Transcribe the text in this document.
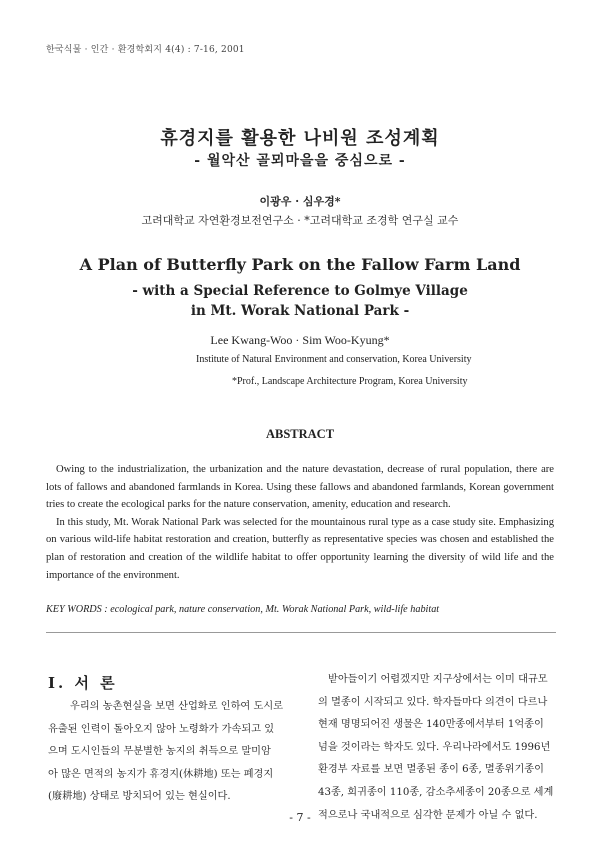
한국식물 · 인간 · 환경학회지 4(4) : 7-16, 2001
휴경지를 활용한 나비원 조성계획
- 월악산 골뫼마을을 중심으로 -
이광우 · 심우경*
고려대학교 자연환경보전연구소 · *고려대학교 조경학 연구실 교수
A Plan of Butterfly Park on the Fallow Farm Land
- with a Special Reference to Golmye Village
in Mt. Worak National Park -
Lee Kwang-Woo · Sim Woo-Kyung*
Institute of Natural Environment and conservation, Korea University
*Prof., Landscape Architecture Program, Korea University
ABSTRACT

Owing to the industrialization, the urbanization and the nature devastation, decrease of rural population, there are lots of fallows and abandoned farmlands in Korea. Using these fallows and abandoned farmlands, Korean government tries to create the ecological parks for the nature conservation, amenity, education and research.

In this study, Mt. Worak National Park was selected for the mountainous rural type as a case study site. Emphasizing on various wild-life habitat restoration and creation, butterfly as representative species was chosen and established the plan of restoration and creation of the wildlife habitat to offer opportunity learning the diversity of wild life and the importance of the environment.

KEY WORDS : ecological park, nature conservation, Mt. Worak National Park, wild-life habitat
Ⅰ. 서 론
우리의 농촌현실을 보면 산업화로 인하여 도시로
유출된 인력이 돌아오지 않아 노령화가 가속되고 있
으며 도시인들의 무분별한 농지의 취득으로 말미암
아 많은 면적의 농지가 휴경지(休耕地) 또는 폐경지
(廢耕地) 상태로 방치되어 있는 현실이다.
받아들이기 어렵겠지만 지구상에서는 이미 대규모
의 멸종이 시작되고 있다. 학자들마다 의견이 다르나
현재 명명되어진 생물은 140만종에서부터 1억종이
넘을 것이라는 학자도 있다. 우리나라에서도 1996년
환경부 자료를 보면 멸종된 종이 6종, 멸종위기종이
43종, 희귀종이 110종, 감소추세종이 20종으로 세계
적으로나 국내적으로 심각한 문제가 아닐 수 없다.
- 7 -
